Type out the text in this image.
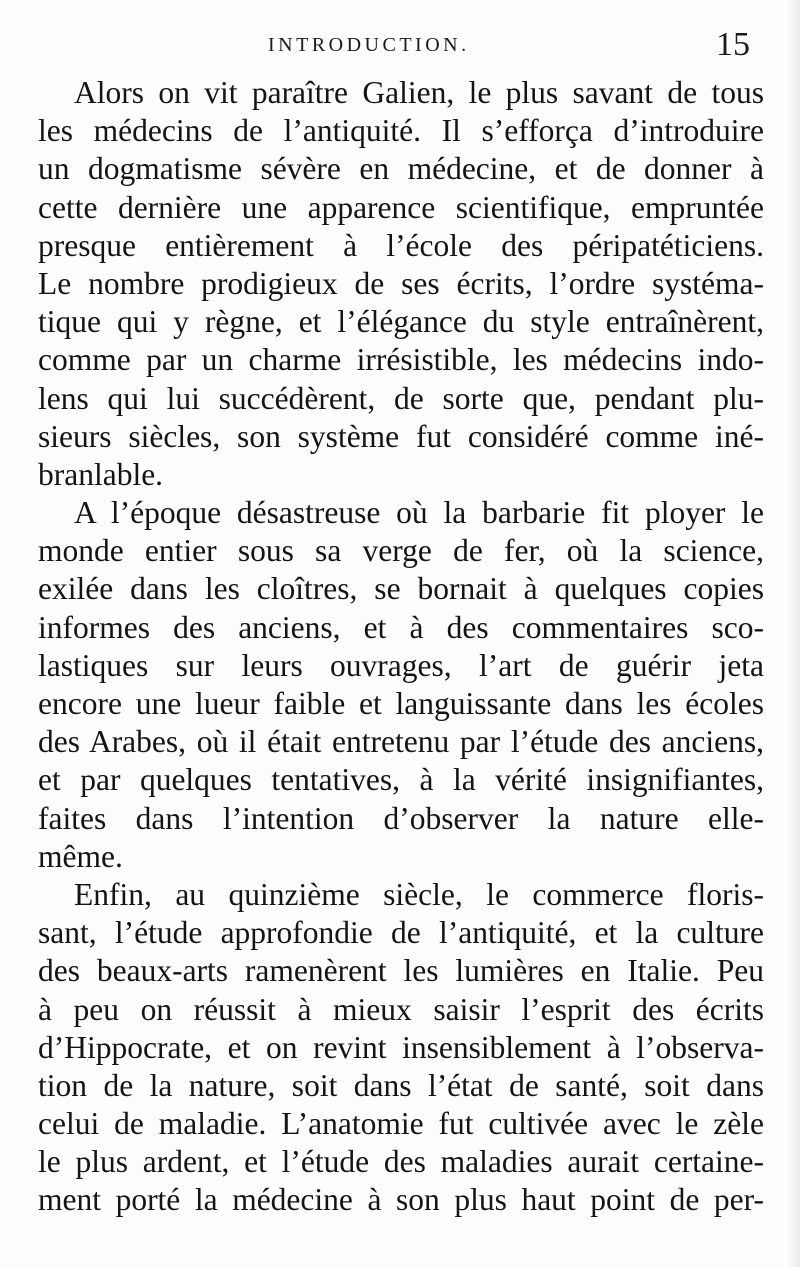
INTRODUCTION.	15
Alors on vit paraître Galien, le plus savant de tous
les médecins de l’antiquité. Il s’efforça d’introduire
un dogmatisme sévère en médecine, et de donner à
cette dernière une apparence scientifique, empruntée
presque entièrement à l’école des péripatéticiens.
Le nombre prodigieux de ses écrits, l’ordre systéma-
tique qui y règne, et l’élégance du style entraînèrent,
comme par un charme irrésistible, les médecins indo-
lens qui lui succédèrent, de sorte que, pendant plu-
sieurs siècles, son système fut considéré comme iné-
branlable.
A l’époque désastreuse où la barbarie fit ployer le
monde entier sous sa verge de fer, où la science,
exilée dans les cloîtres, se bornait à quelques copies
informes des anciens, et à des commentaires sco-
lastiques sur leurs ouvrages, l’art de guérir jeta
encore une lueur faible et languissante dans les écoles
des Arabes, où il était entretenu par l’étude des anciens,
et par quelques tentatives, à la vérité insignifiantes,
faites dans l’intention d’observer la nature elle-
même.
Enfin, au quinzième siècle, le commerce floris-
sant, l’étude approfondie de l’antiquité, et la culture
des beaux-arts ramenèrent les lumières en Italie. Peu
à peu on réussit à mieux saisir l’esprit des écrits
d’Hippocrate, et on revint insensiblement à l’observa-
tion de la nature, soit dans l’état de santé, soit dans
celui de maladie. L’anatomie fut cultivée avec le zèle
le plus ardent, et l’étude des maladies aurait certaine-
ment porté la médecine à son plus haut point de per-
